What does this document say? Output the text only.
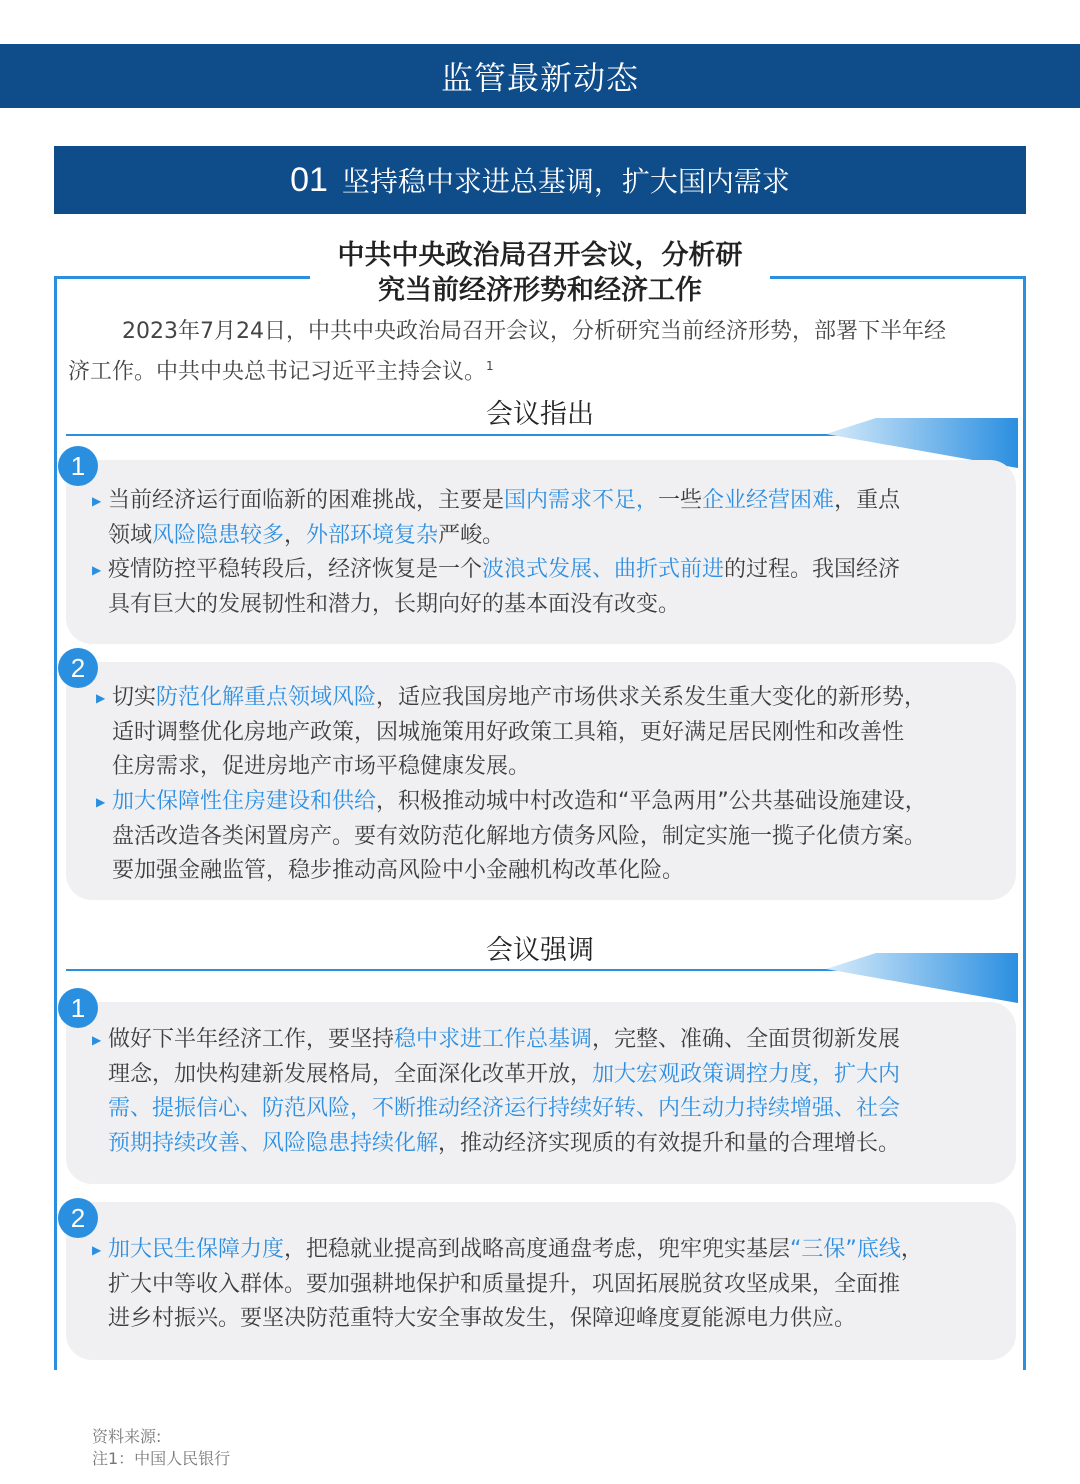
监管最新动态
01 坚持稳中求进总基调，扩大国内需求
中共中央政治局召开会议，分析研
究当前经济形势和经济工作
2023年7月24日，中共中央政治局召开会议，分析研究当前经济形势，部署下半年经
济工作。中共中央总书记习近平主持会议。$^1$
会议指出
1
▶ 当前经济运行面临新的困难挑战，主要是国内需求不足，一些企业经营困难，重点
领域风险隐患较多，外部环境复杂严峻。
▶ 疫情防控平稳转段后，经济恢复是一个波浪式发展、曲折式前进的过程。我国经济
具有巨大的发展韧性和潜力，长期向好的基本面没有改变。
2
▶ 切实防范化解重点领域风险，适应我国房地产市场供求关系发生重大变化的新形势，
适时调整优化房地产政策，因城施策用好政策工具箱，更好满足居民刚性和改善性
住房需求，促进房地产市场平稳健康发展。
▶ 加大保障性住房建设和供给，积极推动城中村改造和“平急两用”公共基础设施建设，
盘活改造各类闲置房产。要有效防范化解地方债务风险，制定实施一揽子化债方案。
要加强金融监管，稳步推动高风险中小金融机构改革化险。
会议强调
1
▶ 做好下半年经济工作，要坚持稳中求进工作总基调，完整、准确、全面贯彻新发展
理念，加快构建新发展格局，全面深化改革开放，加大宏观政策调控力度，扩大内
需、提振信心、防范风险，不断推动经济运行持续好转、内生动力持续增强、社会
预期持续改善、风险隐患持续化解，推动经济实现质的有效提升和量的合理增长。
2
▶ 加大民生保障力度，把稳就业提高到战略高度通盘考虑，兜牢兜实基层“三保”底线，
扩大中等收入群体。要加强耕地保护和质量提升，巩固拓展脱贫攻坚成果，全面推
进乡村振兴。要坚决防范重特大安全事故发生，保障迎峰度夏能源电力供应。
资料来源:
注1：中国人民银行
